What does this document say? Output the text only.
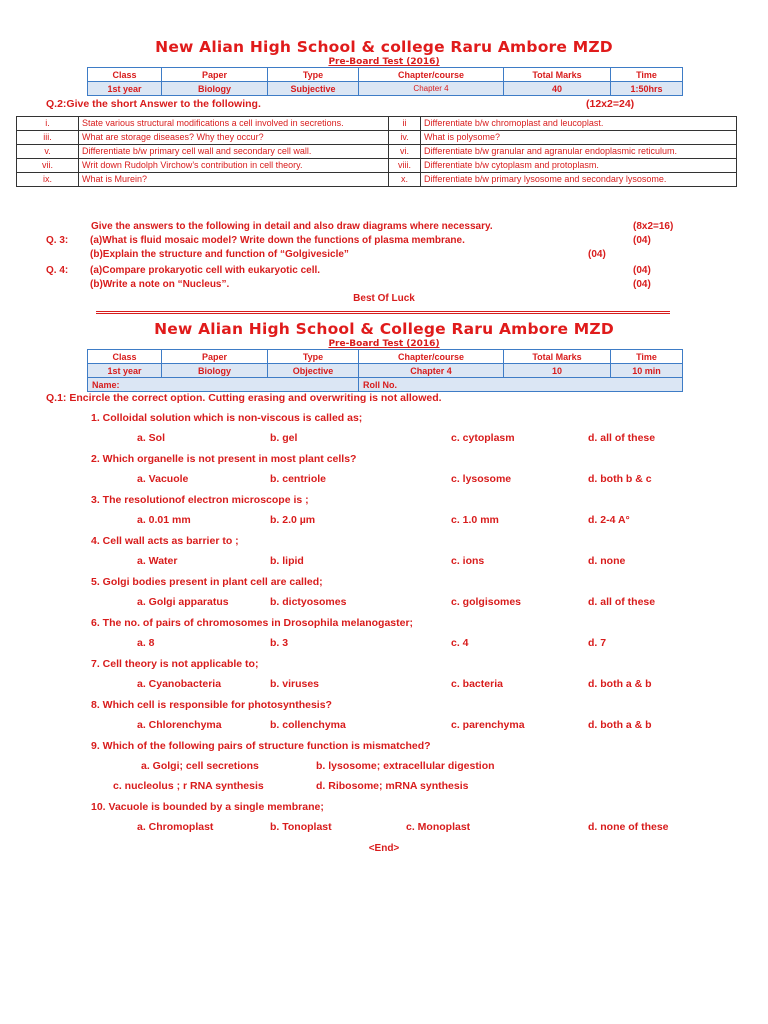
New Alian High School & college Raru Ambore MZD
Pre-Board Test (2016)
Class	Paper	Type	Chapter/course	Total Marks	Time
1st year	Biology	Subjective	Chapter 4	40	1:50hrs
Q.2:Give the short Answer to the following.	(12x2=24)
i.	State various structural modifications a cell involved in secretions.	ii	Differentiate b/w chromoplast and leucoplast.
iii.	What are storage diseases? Why they occur?	iv.	What is polysome?
v.	Differentiate b/w primary cell wall and secondary cell wall.	vi.	Differentiate b/w granular and agranular endoplasmic reticulum.
vii.	Writ down Rudolph Virchow’s contribution in cell theory.	viii.	Differentiate b/w cytoplasm and protoplasm.
ix.	What is Murein?	x.	Differentiate b/w primary lysosome and secondary lysosome.
Give the answers to the following in detail and also draw diagrams where necessary.	(8x2=16)
Q. 3: (a)What is fluid mosaic model? Write down the functions of plasma membrane.	(04)
(b)Explain the structure and function of “Golgivesicle”	(04)
Q. 4: (a)Compare prokaryotic cell with eukaryotic cell.	(04)
(b)Write a note on “Nucleus”.	(04)
Best Of Luck
New Alian High School & College Raru Ambore MZD
Pre-Board Test (2016)
Class	Paper	Type	Chapter/course	Total Marks	Time
1st year	Biology	Objective	Chapter 4	10	10 min
Name:			Roll No.		
Q.1: Encircle the correct option. Cutting erasing and overwriting is not allowed.
1. Colloidal solution which is non-viscous is called as;
a. Sol	b. gel	c. cytoplasm	d. all of these
2. Which organelle is not present in most plant cells?
a. Vacuole	b. centriole	c. lysosome	d. both b & c
3. The resolutionof electron microscope is ;
a. 0.01 mm	b. 2.0 µm	c. 1.0 mm	d. 2-4 A°
4. Cell wall acts as barrier to ;
a. Water	b. lipid	c. ions	d. none
5. Golgi bodies present in plant cell are called;
a. Golgi apparatus	b. dictyosomes	c. golgisomes	d. all of these
6. The no. of pairs of chromosomes in Drosophila melanogaster;
a. 8	b. 3	c. 4	d. 7
7. Cell theory is not applicable to;
a. Cyanobacteria	b. viruses	c. bacteria	d. both a & b
8. Which cell is responsible for photosynthesis?
a. Chlorenchyma	b. collenchyma	c. parenchyma	d. both a & b
9. Which of the following pairs of structure function is mismatched?
a. Golgi; cell secretions	b. lysosome; extracellular digestion
c. nucleolus ; r RNA synthesis	d. Ribosome; mRNA synthesis
10. Vacuole is bounded by a single membrane;
a. Chromoplast	b. Tonoplast	c. Monoplast	d. none of these
<End>
